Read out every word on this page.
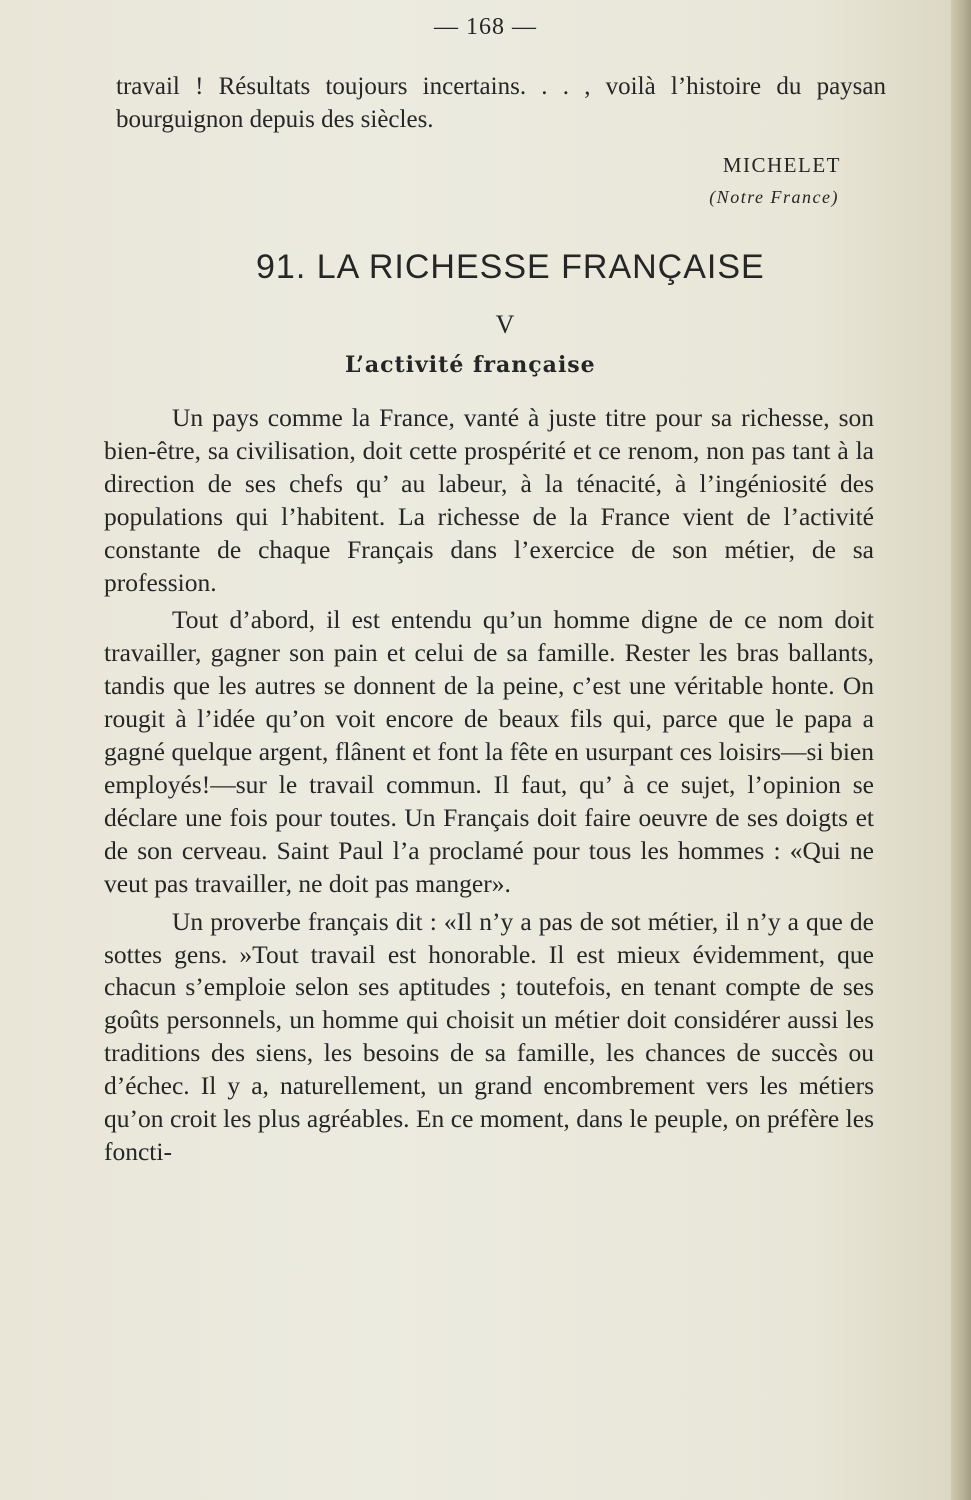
— 168 —

travail ! Résultats toujours incertains. . . , voilà l’histoire du paysan bourguignon depuis des siècles.

MICHELET
(Notre France)
91. LA RICHESSE FRANÇAISE
V
L’activité française

Un pays comme la France, vanté à juste titre pour sa richesse, son bien-être, sa civilisation, doit cette prospérité et ce renom, non pas tant à la direction de ses chefs qu’ au labeur, à la ténacité, à l’ingéniosité des populations qui l’habitent. La richesse de la France vient de l’activité constante de chaque Français dans l’exercice de son métier, de sa profession.

Tout d’abord, il est entendu qu’un homme digne de ce nom doit travailler, gagner son pain et celui de sa famille. Rester les bras ballants, tandis que les autres se donnent de la peine, c’est une véritable honte. On rougit à l’idée qu’on voit encore de beaux fils qui, parce que le papa a gagné quelque argent, flânent et font la fête en usurpant ces loisirs—si bien employés!—sur le travail commun. Il faut, qu’ à ce sujet, l’opinion se déclare une fois pour toutes. Un Français doit faire oeuvre de ses doigts et de son cerveau. Saint Paul l’a proclamé pour tous les hommes : «Qui ne veut pas travailler, ne doit pas manger».

Un proverbe français dit : «Il n’y a pas de sot métier, il n’y a que de sottes gens. »Tout travail est honorable. Il est mieux évidemment, que chacun s’emploie selon ses aptitudes ; toutefois, en tenant compte de ses goûts personnels, un homme qui choisit un métier doit considérer aussi les traditions des siens, les besoins de sa famille, les chances de succès ou d’échec. Il y a, naturellement, un grand encombrement vers les métiers qu’on croit les plus agréables. En ce moment, dans le peuple, on préfère les foncti-
